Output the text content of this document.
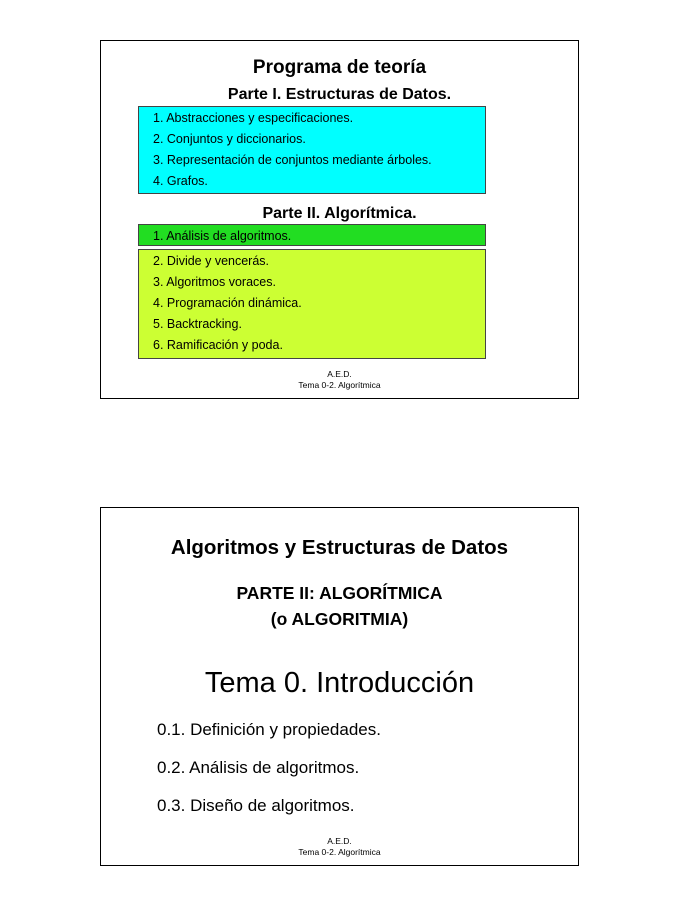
Programa de teoría
Parte I. Estructuras de Datos.
1. Abstracciones y especificaciones.
2. Conjuntos y diccionarios.
3. Representación de conjuntos mediante árboles.
4. Grafos.
Parte II. Algorítmica.
1. Análisis de algoritmos.
2. Divide y vencerás.
3. Algoritmos voraces.
4. Programación dinámica.
5. Backtracking.
6. Ramificación y poda.
A.E.D.
Tema 0-2. Algorítmica
Algoritmos y Estructuras de Datos
PARTE II: ALGORÍTMICA
(o ALGORITMIA)
Tema 0. Introducción
0.1. Definición y propiedades.
0.2. Análisis de algoritmos.
0.3. Diseño de algoritmos.
A.E.D.
Tema 0-2. Algorítmica
